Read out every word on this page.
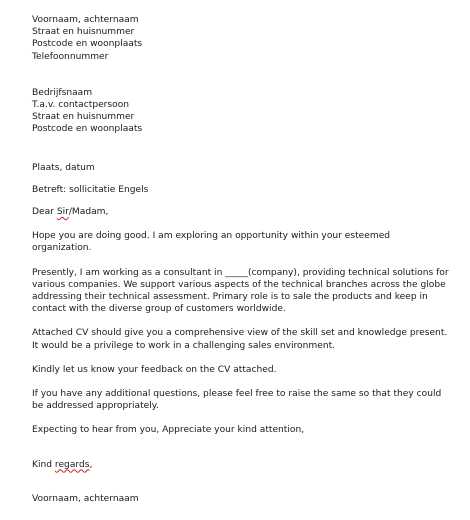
Voornaam, achternaam

Straat en huisnummer

Postcode en woonplaats

Telefoonnummer

Bedrijfsnaam

T.a.v. contactpersoon

Straat en huisnummer

Postcode en woonplaats

Plaats, datum

Betreft: sollicitatie Engels

Dear Sir/Madam,

Hope you are doing good. I am exploring an opportunity within your esteemed organization.

Presently, I am working as a consultant in _____(company), providing technical solutions for various companies. We support various aspects of the technical branches across the globe addressing their technical assessment. Primary role is to sale the products and keep in contact with the diverse group of customers worldwide.

Attached CV should give you a comprehensive view of the skill set and knowledge present. It would be a privilege to work in a challenging sales environment.

Kindly let us know your feedback on the CV attached.

If you have any additional questions, please feel free to raise the same so that they could be addressed appropriately.

Expecting to hear from you, Appreciate your kind attention,

Kind regards,

Voornaam, achternaam
